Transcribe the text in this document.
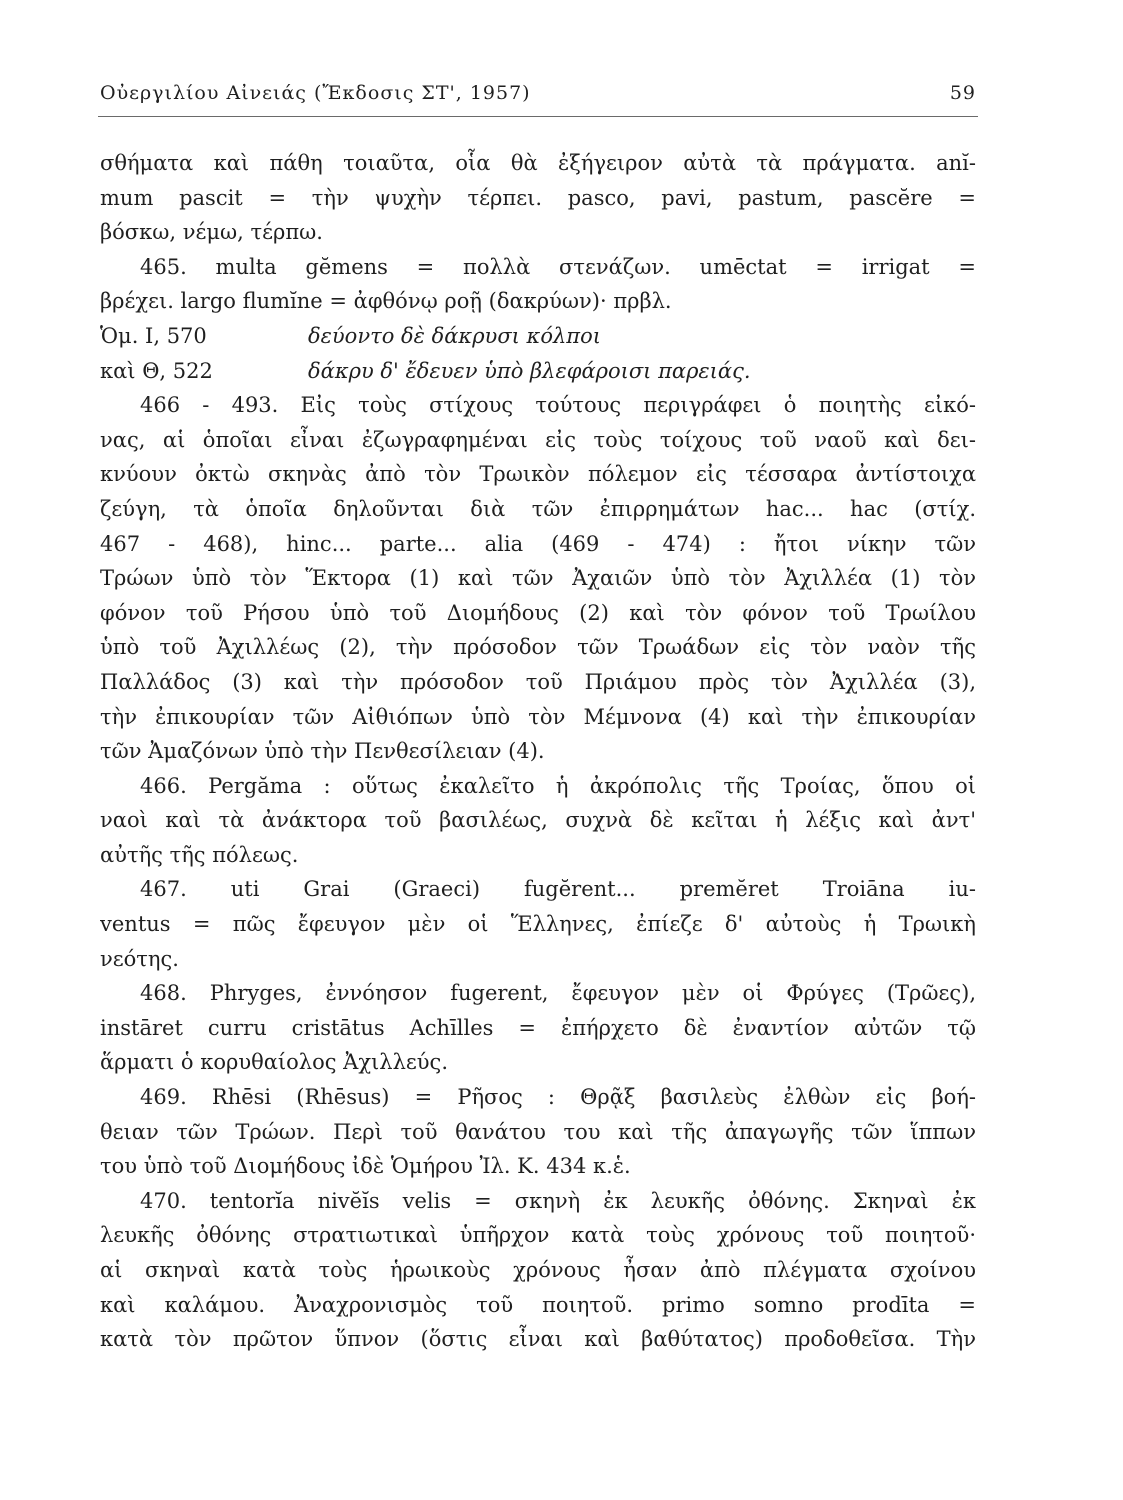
Οὐεργιλίου Αἰνειάς (Ἔκδοσις ΣΤ', 1957)	59
σθήματα καὶ πάθη τοιαῦτα, οἷα θὰ ἐξήγειρον αὐτὰ τὰ πράγματα. anĭ-
mum pascit = τὴν ψυχὴν τέρπει. pasco, pavi, pastum, pascĕre =
βόσκω, νέμω, τέρπω.
465. multa gĕmens = πολλὰ στενάζων. umēctat = irrigat =
βρέχει. largo flumĭne = ἀφθόνῳ ροῇ (δακρύων)· πρβλ.
Ὁμ. Ι, 570	δεύοντο δὲ δάκρυσι κόλποι
καὶ Θ, 522	δάκρυ δ' ἔδευεν ὑπὸ βλεφάροισι παρειάς.
466 - 493. Εἰς τοὺς στίχους τούτους περιγράφει ὁ ποιητὴς εἰκό-
νας, αἱ ὁποῖαι εἶναι ἐζωγραφημέναι εἰς τοὺς τοίχους τοῦ ναοῦ καὶ δει-
κνύουν ὀκτὼ σκηνὰς ἀπὸ τὸν Τρωικὸν πόλεμον εἰς τέσσαρα ἀντίστοιχα
ζεύγη, τὰ ὁποῖα δηλοῦνται διὰ τῶν ἐπιρρημάτων hac... hac (στίχ.
467 - 468), hinc... parte... alia (469 - 474) : ἤτοι νίκην τῶν
Τρώων ὑπὸ τὸν Ἕκτορα (1) καὶ τῶν Ἀχαιῶν ὑπὸ τὸν Ἀχιλλέα (1) τὸν
φόνον τοῦ Ρήσου ὑπὸ τοῦ Διομήδους (2) καὶ τὸν φόνον τοῦ Τρωίλου
ὑπὸ τοῦ Ἀχιλλέως (2), τὴν πρόσοδον τῶν Τρωάδων εἰς τὸν ναὸν τῆς
Παλλάδος (3) καὶ τὴν πρόσοδον τοῦ Πριάμου πρὸς τὸν Ἀχιλλέα (3),
τὴν ἐπικουρίαν τῶν Αἰθιόπων ὑπὸ τὸν Μέμνονα (4) καὶ τὴν ἐπικουρίαν
τῶν Ἀμαζόνων ὑπὸ τὴν Πενθεσίλειαν (4).
466. Pergăma : οὕτως ἐκαλεῖτο ἡ ἀκρόπολις τῆς Τροίας, ὅπου οἱ
ναοὶ καὶ τὰ ἀνάκτορα τοῦ βασιλέως, συχνὰ δὲ κεῖται ἡ λέξις καὶ ἀντ'
αὐτῆς τῆς πόλεως.
467. uti Grai (Graeci) fugĕrent... premĕret Troiāna iu-
ventus = πῶς ἔφευγον μὲν οἱ Ἕλληνες, ἐπίεζε δ' αὐτοὺς ἡ Τρωικὴ
νεότης.
468. Phryges, ἐννόησον fugerent, ἔφευγον μὲν οἱ Φρύγες (Τρῶες),
instāret curru cristātus Achīlles = ἐπήρχετο δὲ ἐναντίον αὐτῶν τῷ
ἅρματι ὁ κορυθαίολος Ἀχιλλεύς.
469. Rhēsi (Rhēsus) = Ρῆσος : Θρᾷξ βασιλεὺς ἐλθὼν εἰς βοή-
θειαν τῶν Τρώων. Περὶ τοῦ θανάτου του καὶ τῆς ἀπαγωγῆς τῶν ἵππων
του ὑπὸ τοῦ Διομήδους ἰδὲ Ὁμήρου Ἰλ. Κ. 434 κ.ἑ.
470. tentorĭa nivĕĭs velis = σκηνὴ ἐκ λευκῆς ὀθόνης. Σκηναὶ ἐκ
λευκῆς ὀθόνης στρατιωτικαὶ ὑπῆρχον κατὰ τοὺς χρόνους τοῦ ποιητοῦ·
αἱ σκηναὶ κατὰ τοὺς ἡρωικοὺς χρόνους ἦσαν ἀπὸ πλέγματα σχοίνου
καὶ καλάμου. Ἀναχρονισμὸς τοῦ ποιητοῦ. primo somno prodīta =
κατὰ τὸν πρῶτον ὕπνον (ὅστις εἶναι καὶ βαθύτατος) προδοθεῖσα. Τὴν
